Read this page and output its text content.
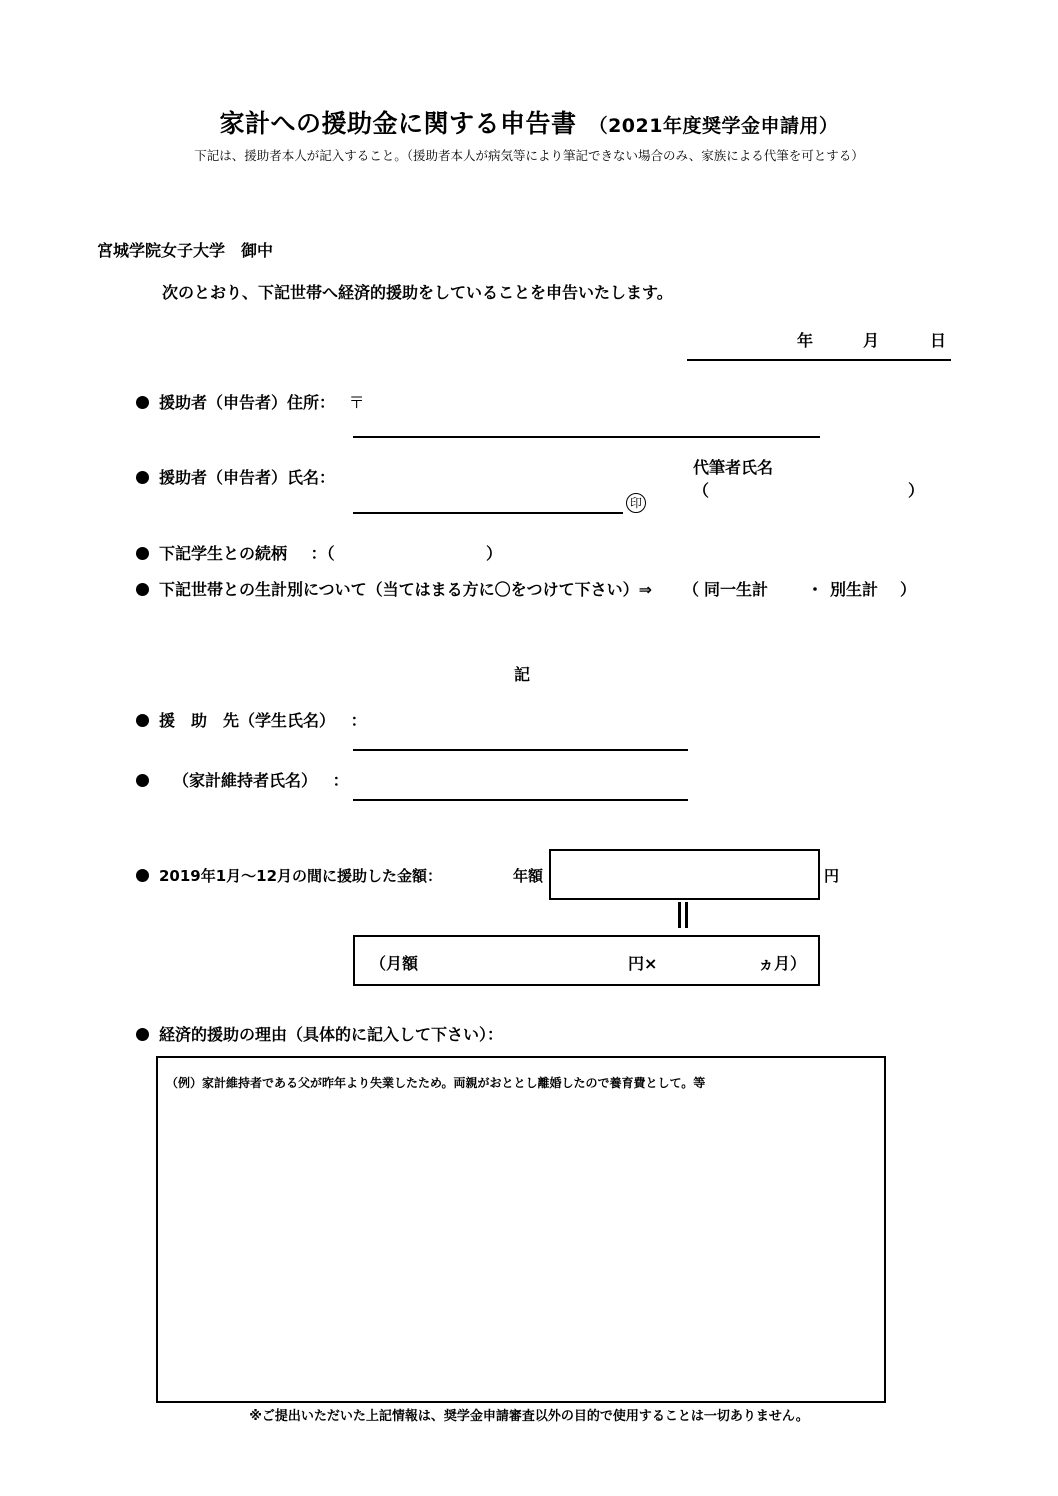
家計への援助金に関する申告書 （2021年度奨学金申請用）
下記は、援助者本人が記入すること。（援助者本人が病気等により筆記できない場合のみ、家族による代筆を可とする）
宮城学院女子大学　御中
次のとおり、下記世帯へ経済的援助をしていることを申告いたします。
年	月	日
援助者（申告者）住所： 〒
援助者（申告者）氏名：
印
代筆者氏名
（	）
下記学生との続柄 ：（	）
下記世帯との生計別について（当てはまる方に〇をつけて下さい）⇒ （ 同一生計 ・ 別生計 ）
記
援　助　先（学生氏名） ：
（家計維持者氏名） ：
2019年1月～12月の間に援助した金額：	年額	円
（月額	円×	ヵ月）
経済的援助の理由（具体的に記入して下さい）：
（例）家計維持者である父が昨年より失業したため。両親がおととし離婚したので養育費として。等
※ご提出いただいた上記情報は、奨学金申請審査以外の目的で使用することは一切ありません。
